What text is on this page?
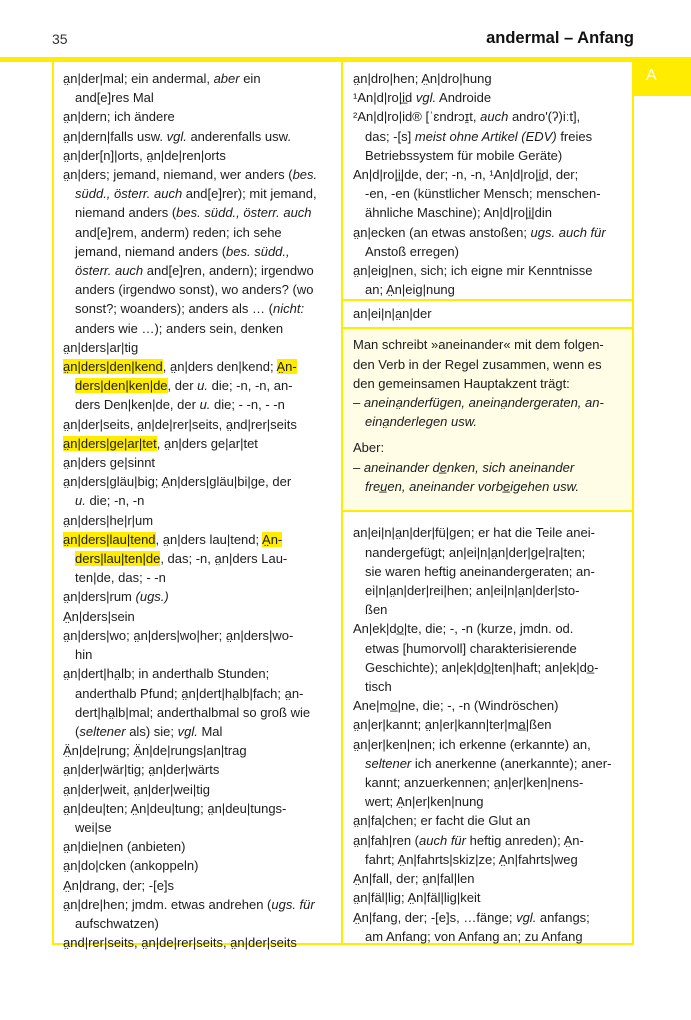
35	andermal – Anfang
A
a̤n|der|mal; ein andermal, aber ein
and[e]res Mal
a̤n|dern; ich ändere
a̤n|dern|falls usw. vgl. anderenfalls usw.
a̤n|der[n]|orts, a̤n|de|ren|orts
a̤n|ders; jemand, niemand, wer anders (bes.
südd., österr. auch and[e]rer); mit jemand,
niemand anders (bes. südd., österr. auch
and[e]rem, anderm) reden; ich sehe
jemand, niemand anders (bes. südd.,
österr. auch and[e]ren, andern); irgendwo
anders (irgendwo sonst), wo anders? (wo
sonst?; woanders); anders als … (nicht:
anders wie …); anders sein, denken
a̤n|ders|ar|tig
a̤n|ders|den|kend, a̤n|ders den|kend; A̤n-
ders|den|ken|de, der u. die; -n, -n, an-
ders Den|ken|de, der u. die; - -n, - -n
a̤n|der|seits, a̤n|de|rer|seits, a̤nd|rer|seits
a̤n|ders|ge|ar|tet, a̤n|ders ge|ar|tet
a̤n|ders ge|sinnt
a̤n|ders|gläu|big; A̤n|ders|gläu|bi|ge, der
u. die; -n, -n
a̤n|ders|he|r|um
a̤n|ders|lau|tend, a̤n|ders lau|tend; A̤n-
ders|lau|ten|de, das; -n, a̤n|ders Lau-
ten|de, das; - -n
a̤n|ders|rum (ugs.)
A̤n|ders|sein
a̤n|ders|wo; a̤n|ders|wo|her; a̤n|ders|wo-
hin
a̤n|dert|ha̤lb; in anderthalb Stunden;
anderthalb Pfund; a̤n|dert|ha̤lb|fach; a̤n-
dert|ha̤lb|mal; anderthalbmal so groß wie
(seltener als) sie; vgl. Mal
Ä̤n|de|rung; Ä̤n|de|rungs|an|trag
a̤n|der|wär|tig; a̤n|der|wärts
a̤n|der|weit, a̤n|der|wei|tig
a̤n|deu|ten; A̤n|deu|tung; a̤n|deu|tungs-
wei|se
a̤n|die|nen (anbieten)
a̤n|do|cken (ankoppeln)
A̤n|drang, der; -[e]s
a̤n|dre|hen; jmdm. etwas andrehen (ugs. für
aufschwatzen)
a̤nd|rer|seits, a̤n|de|rer|seits, a̤n|der|seits
a̤n|dro|hen; A̤n|dro|hung
¹An|d|ro|i̲d vgl. Androide
²An|d|ro|id® [ˈɛndrɔɪ̯t, auch andro'(ʔ)iːt],
das; -[s] meist ohne Artikel (EDV) freies
Betriebssystem für mobile Geräte)
An|d|ro|i̲|de, der; -n, -n, ¹An|d|ro|i̲d, der;
-en, -en (künstlicher Mensch; menschen-
ähnliche Maschine); An|d|ro|i̲|din
a̤n|ecken (an etwas anstoßen; ugs. auch für
Anstoß erregen)
a̤n|eig|nen, sich; ich eigne mir Kenntnisse
an; A̤n|eig|nung
an|ei|n|a̤n|der
Man schreibt »aneinander« mit dem folgen-
den Verb in der Regel zusammen, wenn es
den gemeinsamen Hauptakzent trägt:
– aneina̤nderfügen, aneina̤ndergeraten, an-
eina̤nderlegen usw.
Aber:
– aneinander de̲nken, sich aneinander
freu̲en, aneinander vorbe̲igehen usw.
an|ei|n|a̤n|der|fü|gen; er hat die Teile anei-
nandergefügt; an|ei|n|a̤n|der|ge|ra|ten;
sie waren heftig aneinandergeraten; an-
ei|n|a̤n|der|rei|hen; an|ei|n|a̤n|der|sto-
ßen
An|ek|do̲|te, die; -, -n (kurze, jmdn. od.
etwas [humorvoll] charakterisierende
Geschichte); an|ek|do̲|ten|haft; an|ek|do̲-
tisch
Ane|mo̲|ne, die; -, -n (Windröschen)
a̤n|er|kannt; a̤n|er|kann|ter|ma̲|ßen
a̤n|er|ken|nen; ich erkenne (erkannte) an,
seltener ich anerkenne (anerkannte); aner-
kannt; anzuerkennen; a̤n|er|ken|nens-
wert; A̤n|er|ken|nung
a̤n|fa|chen; er facht die Glut an
a̤n|fah|ren (auch für heftig anreden); A̤n-
fahrt; A̤n|fahrts|skiz|ze; A̤n|fahrts|weg
A̤n|fall, der; a̤n|fal|len
a̤n|fäl|lig; A̤n|fäl|lig|keit
A̤n|fang, der; -[e]s, …fänge; vgl. anfangs;
am Anfang; von Anfang an; zu Anfang
